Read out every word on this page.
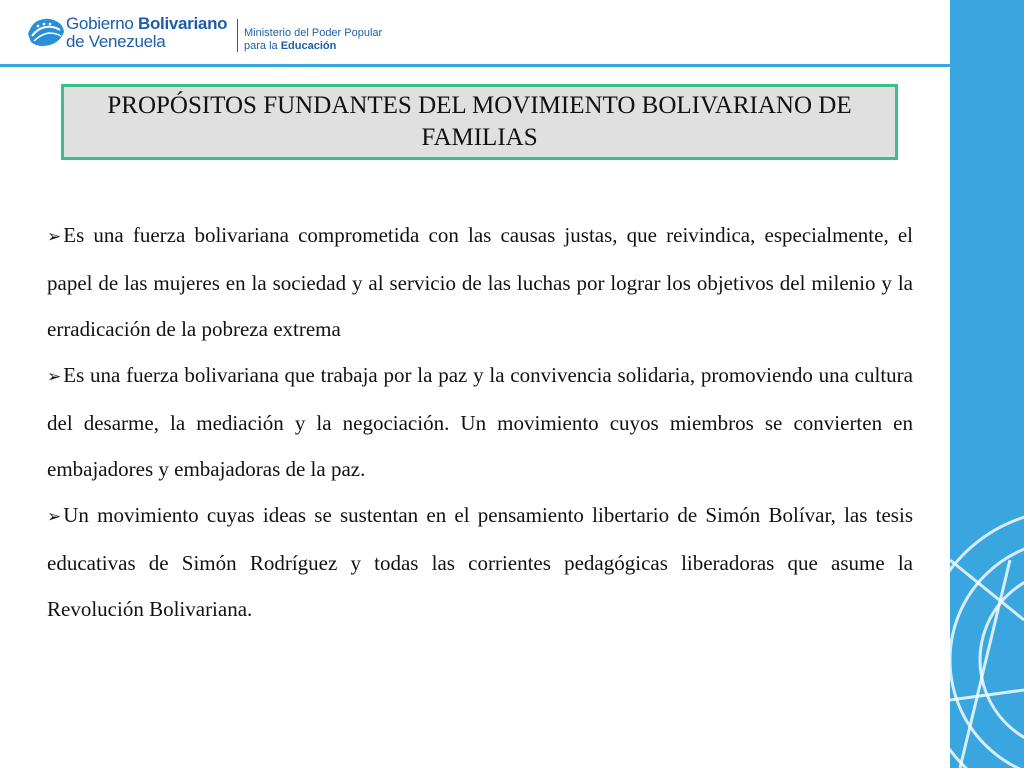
Gobierno Bolivariano
de Venezuela	Ministerio del Poder Popular
para la Educación
PROPÓSITOS FUNDANTES DEL MOVIMIENTO BOLIVARIANO DE FAMILIAS

➢Es una fuerza bolivariana comprometida con las causas justas, que reivindica, especialmente, el papel de las mujeres en la sociedad y al servicio de las luchas por lograr los objetivos del milenio y la erradicación de la pobreza extrema

➢Es una fuerza bolivariana que trabaja por la paz y la convivencia solidaria, promoviendo una cultura del desarme, la mediación y la negociación. Un movimiento cuyos miembros se convierten en embajadores y embajadoras de la paz.

➢Un movimiento cuyas ideas se sustentan en el pensamiento libertario de Simón Bolívar, las tesis educativas de Simón Rodríguez y todas las corrientes pedagógicas liberadoras que asume la Revolución Bolivariana.
